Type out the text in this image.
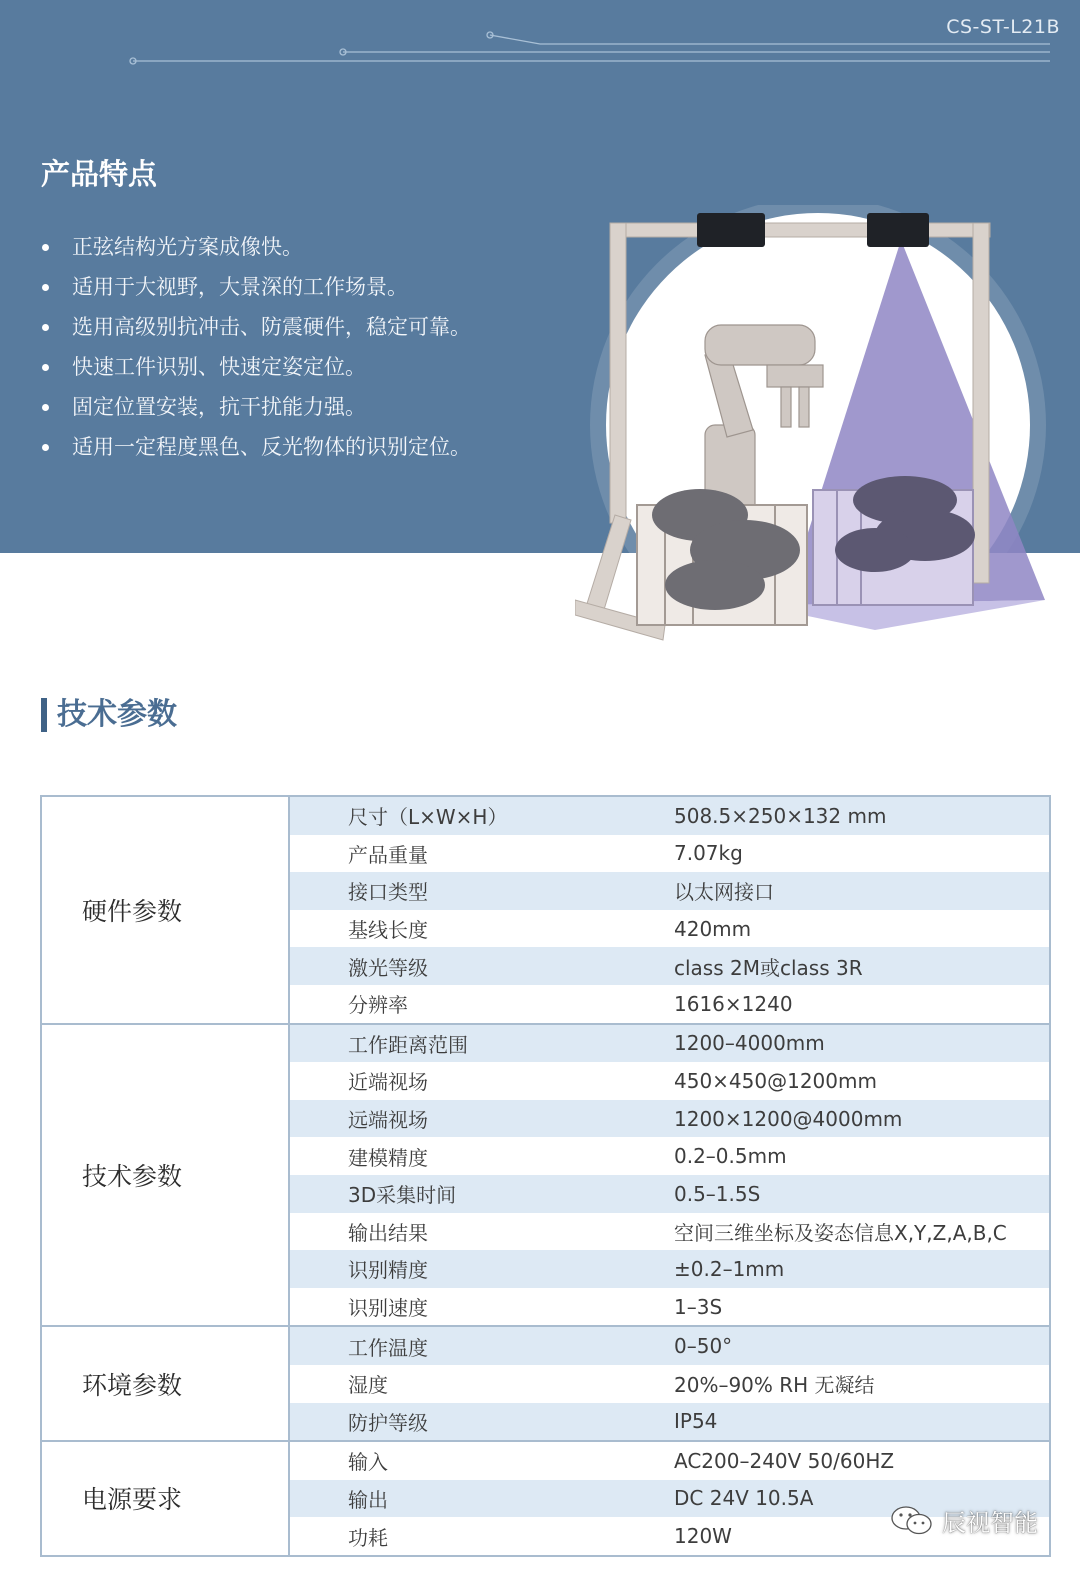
CS-ST-L21B
产品特点
正弦结构光方案成像快。
适用于大视野，大景深的工作场景。
选用高级别抗冲击、防震硬件，稳定可靠。
快速工件识别、快速定姿定位。
固定位置安装，抗干扰能力强。
适用一定程度黑色、反光物体的识别定位。
技术参数
硬件参数	尺寸（L×W×H）	508.5×250×132 mm
	产品重量	7.07kg
	接口类型	以太网接口
	基线长度	420mm
	激光等级	class 2M或class 3R
	分辨率	1616×1240
技术参数	工作距离范围	1200–4000mm
	近端视场	450×450@1200mm
	远端视场	1200×1200@4000mm
	建模精度	0.2–0.5mm
	3D采集时间	0.5–1.5S
	输出结果	空间三维坐标及姿态信息X,Y,Z,A,B,C
	识别精度	±0.2–1mm
	识别速度	1–3S
环境参数	工作温度	0–50°
	湿度	20%–90% RH 无凝结
	防护等级	IP54
电源要求	输入	AC200–240V 50/60HZ
	输出	DC 24V 10.5A
	功耗	120W	辰视智能
